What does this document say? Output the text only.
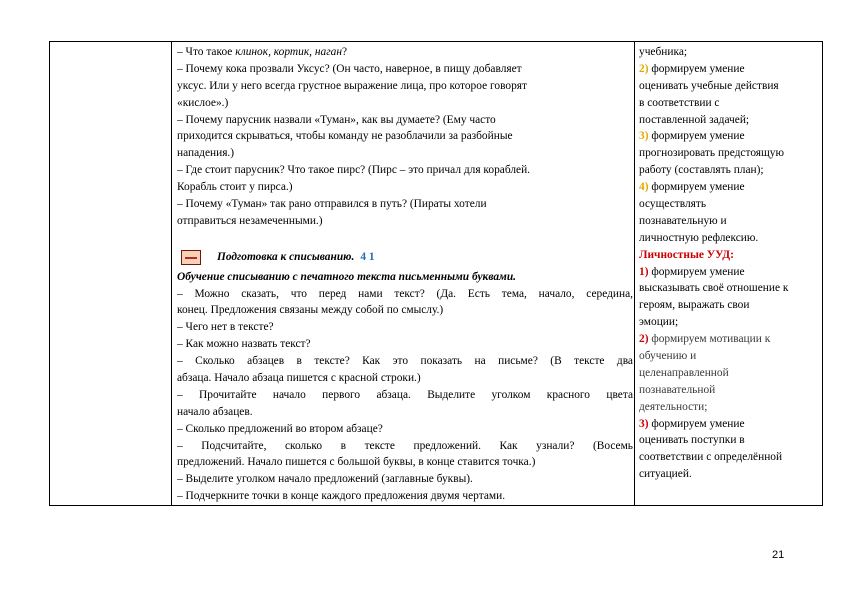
– Что такое клинок, кортик, наган?
– Почему кока прозвали Уксус? (Он часто, наверное, в пищу добавляет
уксус. Или у него всегда грустное выражение лица, про которое говорят
«кислое».)
– Почему парусник назвали «Туман», как вы думаете? (Ему часто
приходится скрываться, чтобы команду не разоблачили за разбойные
нападения.)
– Где стоит парусник? Что такое пирс? (Пирс – это причал для кораблей.
Корабль стоит у пирса.)
– Почему «Туман» так рано отправился в путь? (Пираты хотели
отправиться незамеченными.)
Подготовка к списыванию. 4 1
Обучение списыванию с печатного текста письменными буквами.
– Можно сказать, что перед нами текст? (Да. Есть тема, начало, середина,
конец. Предложения связаны между собой по смыслу.)
– Чего нет в тексте?
– Как можно назвать текст?
– Сколько абзацев в тексте? Как это показать на письме? (В тексте два
абзаца. Начало абзаца пишется с красной строки.)
– Прочитайте начало первого абзаца. Выделите уголком красного цвета
начало абзацев.
– Сколько предложений во втором абзаце?
– Подсчитайте, сколько в тексте предложений. Как узнали? (Восемь
предложений. Начало пишется с большой буквы, в конце ставится точка.)
– Выделите уголком начало предложений (заглавные буквы).
– Подчеркните точки в конце каждого предложения двумя чертами.
учебника;
2) формируем умение
оценивать учебные действия
в соответствии с
поставленной задачей;
3) формируем умение
прогнозировать предстоящую
работу (составлять план);
4) формируем умение
осуществлять
познавательную и
личностную рефлексию.
Личностные УУД:
1) формируем умение
высказывать своё отношение к
героям, выражать свои
эмоции;
2) формируем мотивации к
обучению и
целенаправленной
познавательной
деятельности;
3) формируем умение
оценивать поступки в
соответствии с определённой
ситуацией.
21
